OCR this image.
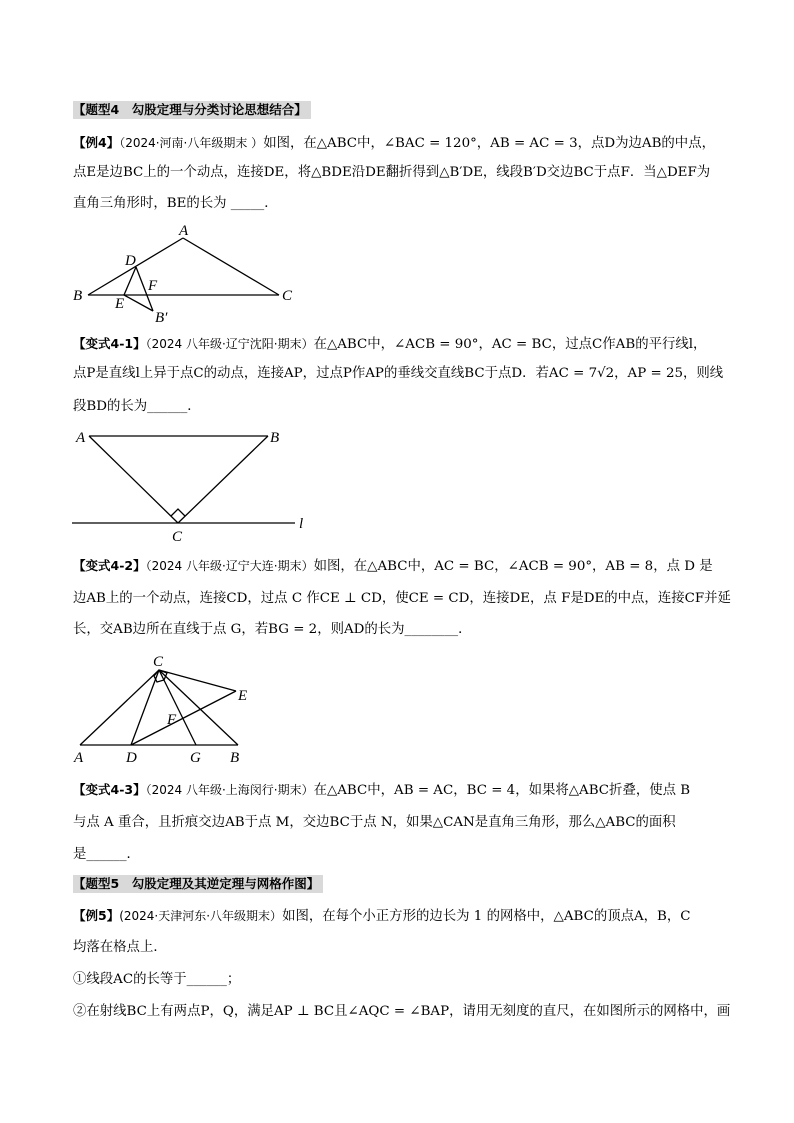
【题型4　勾股定理与分类讨论思想结合】
【例4】（2024·河南·八年级期末 ）如图，在△ABC中，∠BAC = 120°，AB = AC = 3，点D为边AB的中点，
点E是边BC上的一个动点，连接DE，将△BDE沿DE翻折得到△B′DE，线段B′D交边BC于点F．当△DEF为
直角三角形时，BE的长为 _____．
A
B	C
D
E
F
B′
【变式4-1】（2024 八年级·辽宁沈阳·期末）在△ABC中，∠ACB = 90°，AC = BC，过点C作AB的平行线l，
点P是直线l上异于点C的动点，连接AP，过点P作AP的垂线交直线BC于点D．若AC = 7√2，AP = 25，则线
段BD的长为______．
A	B
C
l
【变式4-2】（2024 八年级·辽宁大连·期末）如图，在△ABC中，AC = BC，∠ACB = 90°，AB = 8，点 D 是
边AB上的一个动点，连接CD，过点 C 作CE ⊥ CD，使CE = CD，连接DE，点 F是DE的中点，连接CF并延
长，交AB边所在直线于点 G，若BG = 2，则AD的长为________．
C
E
F
A	D	G B
【变式4-3】（2024 八年级·上海闵行·期末）在△ABC中，AB = AC，BC = 4，如果将△ABC折叠，使点 B
与点 A 重合，且折痕交边AB于点 M，交边BC于点 N，如果△CAN是直角三角形，那么△ABC的面积
是______．
【题型5　勾股定理及其逆定理与网格作图】
【例5】(2024·天津河东·八年级期末）如图，在每个小正方形的边长为 1 的网格中，△ABC的顶点A，B，C
均落在格点上．
①线段AC的长等于______；
②在射线BC上有两点P，Q，满足AP ⊥ BC且∠AQC = ∠BAP，请用无刻度的直尺，在如图所示的网格中，画
